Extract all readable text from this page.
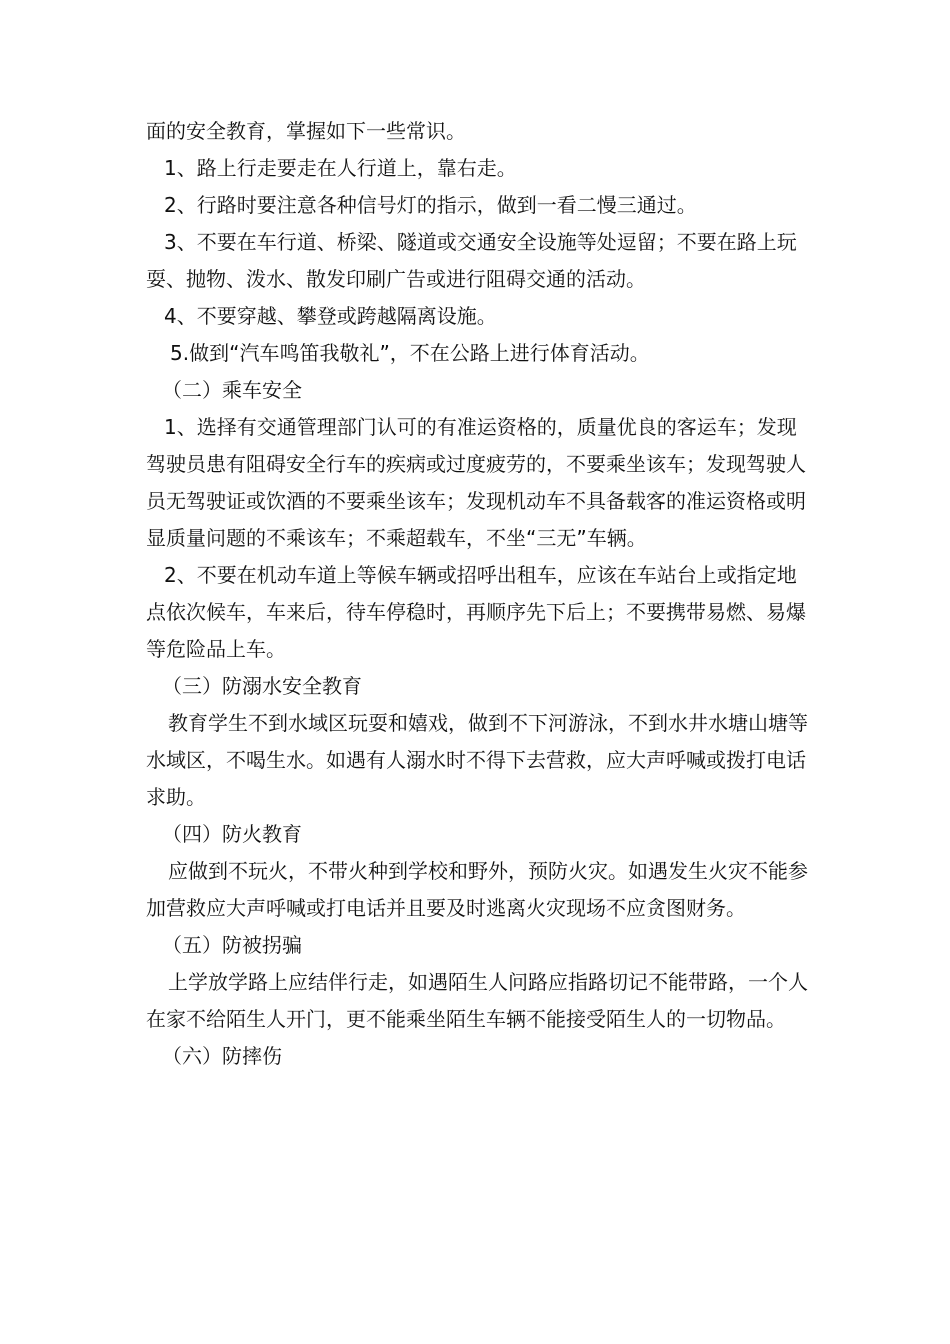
面的安全教育，掌握如下一些常识。

1、路上行走要走在人行道上，靠右走。

2、行路时要注意各种信号灯的指示，做到一看二慢三通过。

3、不要在车行道、桥梁、隧道或交通安全设施等处逗留；不要在路上玩耍、抛物、泼水、散发印刷广告或进行阻碍交通的活动。

4、不要穿越、攀登或跨越隔离设施。

5.做到“汽车鸣笛我敬礼”，不在公路上进行体育活动。

（二）乘车安全

1、选择有交通管理部门认可的有准运资格的，质量优良的客运车；发现驾驶员患有阻碍安全行车的疾病或过度疲劳的，不要乘坐该车；发现驾驶人员无驾驶证或饮酒的不要乘坐该车；发现机动车不具备载客的准运资格或明显质量问题的不乘该车；不乘超载车，不坐“三无”车辆。

2、不要在机动车道上等候车辆或招呼出租车，应该在车站台上或指定地点依次候车，车来后，待车停稳时，再顺序先下后上；不要携带易燃、易爆等危险品上车。

（三）防溺水安全教育

教育学生不到水域区玩耍和嬉戏，做到不下河游泳，不到水井水塘山塘等水域区，不喝生水。如遇有人溺水时不得下去营救，应大声呼喊或拨打电话求助。

（四）防火教育

应做到不玩火，不带火种到学校和野外，预防火灾。如遇发生火灾不能参加营救应大声呼喊或打电话并且要及时逃离火灾现场不应贪图财务。

（五）防被拐骗

上学放学路上应结伴行走，如遇陌生人问路应指路切记不能带路，一个人在家不给陌生人开门，更不能乘坐陌生车辆不能接受陌生人的一切物品。

（六）防摔伤
